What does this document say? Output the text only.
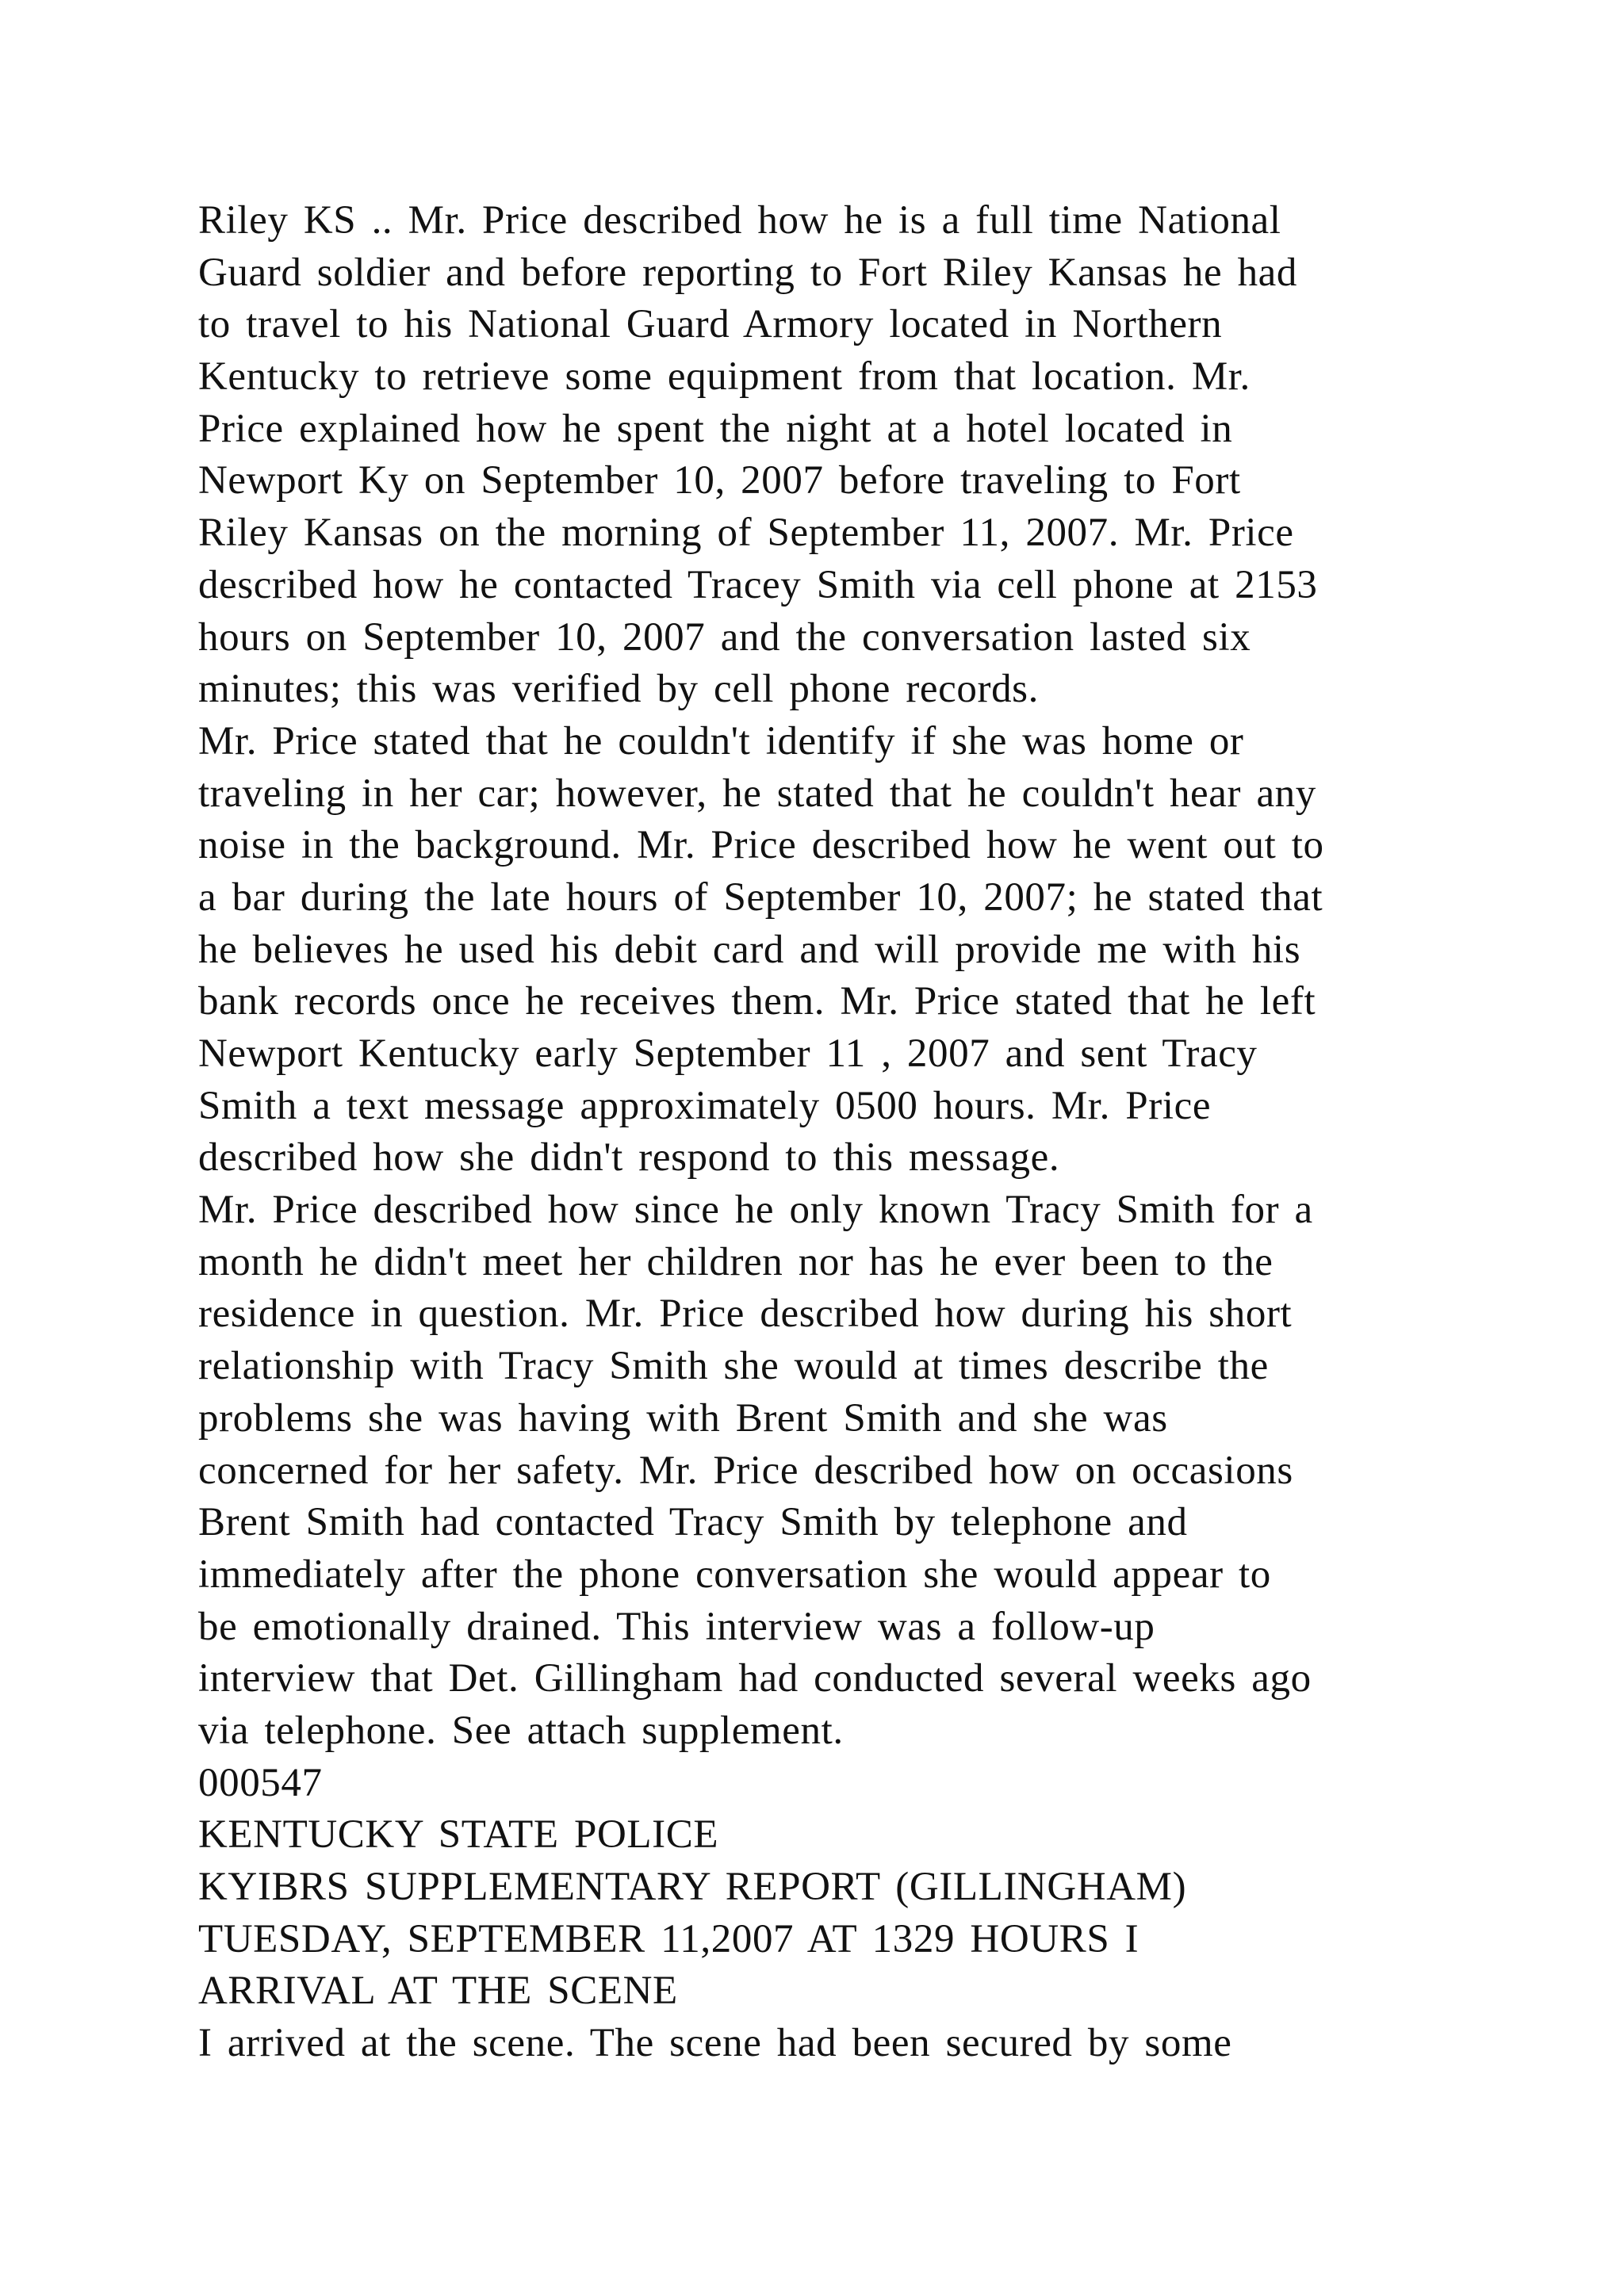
Riley KS .. Mr. Price described how he is a full time National
Guard soldier and before reporting to Fort Riley Kansas he had
to travel to his National Guard Armory located in Northern
Kentucky to retrieve some equipment from that location. Mr.
Price explained how he spent the night at a hotel located in
Newport Ky on September 10, 2007 before traveling to Fort
Riley Kansas on the morning of September 11, 2007. Mr. Price
described how he contacted Tracey Smith via cell phone at 2153
hours on September 10, 2007 and the conversation lasted six
minutes; this was verified by cell phone records.
Mr. Price stated that he couldn't identify if she was home or
traveling in her car; however, he stated that he couldn't hear any
noise in the background. Mr. Price described how he went out to
a bar during the late hours of September 10, 2007; he stated that
he believes he used his debit card and will provide me with his
bank records once he receives them. Mr. Price stated that he left
Newport Kentucky early September 11 , 2007 and sent Tracy
Smith a text message approximately 0500 hours. Mr. Price
described how she didn't respond to this message.
Mr. Price described how since he only known Tracy Smith for a
month he didn't meet her children nor has he ever been to the
residence in question. Mr. Price described how during his short
relationship with Tracy Smith she would at times describe the
problems she was having with Brent Smith and she was
concerned for her safety. Mr. Price described how on occasions
Brent Smith had contacted Tracy Smith by telephone and
immediately after the phone conversation she would appear to
be emotionally drained. This interview was a follow-up
interview that Det. Gillingham had conducted several weeks ago
via telephone. See attach supplement.
000547
KENTUCKY STATE POLICE
KYIBRS SUPPLEMENTARY REPORT (GILLINGHAM)
TUESDAY, SEPTEMBER 11,2007 AT 1329 HOURS I
ARRIVAL AT THE SCENE
I arrived at the scene. The scene had been secured by some
